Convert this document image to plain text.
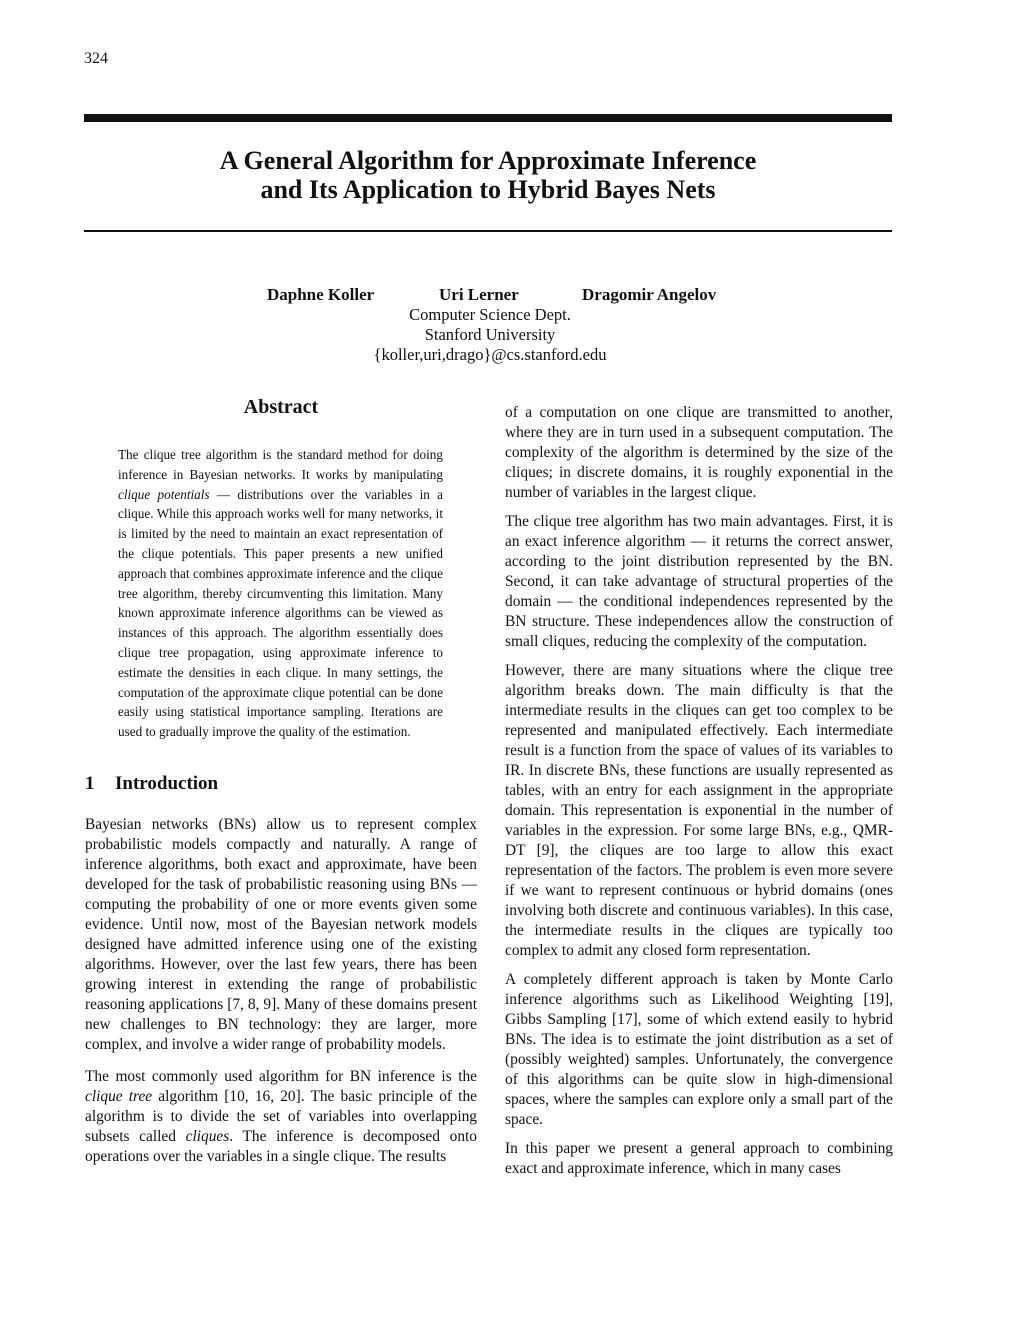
324
A General Algorithm for Approximate Inference
and Its Application to Hybrid Bayes Nets
Daphne Koller	Uri Lerner	Dragomir Angelov
Computer Science Dept.
Stanford University
{koller,uri,drago}@cs.stanford.edu
Abstract

The clique tree algorithm is the standard method for doing inference in Bayesian networks. It works by manipulating clique potentials — distributions over the variables in a clique. While this approach works well for many networks, it is limited by the need to maintain an exact representation of the clique potentials. This paper presents a new unified approach that combines approximate inference and the clique tree algorithm, thereby circumventing this limitation. Many known approximate inference algorithms can be viewed as instances of this approach. The algorithm essentially does clique tree propagation, using approximate inference to estimate the densities in each clique. In many settings, the computation of the approximate clique potential can be done easily using statistical importance sampling. Iterations are used to gradually improve the quality of the estimation.

1	Introduction

Bayesian networks (BNs) allow us to represent complex probabilistic models compactly and naturally. A range of inference algorithms, both exact and approximate, have been developed for the task of probabilistic reasoning using BNs — computing the probability of one or more events given some evidence. Until now, most of the Bayesian network models designed have admitted inference using one of the existing algorithms. However, over the last few years, there has been growing interest in extending the range of probabilistic reasoning applications [7, 8, 9]. Many of these domains present new challenges to BN technology: they are larger, more complex, and involve a wider range of probability models.

The most commonly used algorithm for BN inference is the clique tree algorithm [10, 16, 20]. The basic principle of the algorithm is to divide the set of variables into overlapping subsets called cliques. The inference is decomposed onto operations over the variables in a single clique. The results

of a computation on one clique are transmitted to another, where they are in turn used in a subsequent computation. The complexity of the algorithm is determined by the size of the cliques; in discrete domains, it is roughly exponential in the number of variables in the largest clique.

The clique tree algorithm has two main advantages. First, it is an exact inference algorithm — it returns the correct answer, according to the joint distribution represented by the BN. Second, it can take advantage of structural properties of the domain — the conditional independences represented by the BN structure. These independences allow the construction of small cliques, reducing the complexity of the computation.

However, there are many situations where the clique tree algorithm breaks down. The main difficulty is that the intermediate results in the cliques can get too complex to be represented and manipulated effectively. Each intermediate result is a function from the space of values of its variables to IR. In discrete BNs, these functions are usually represented as tables, with an entry for each assignment in the appropriate domain. This representation is exponential in the number of variables in the expression. For some large BNs, e.g., QMR-DT [9], the cliques are too large to allow this exact representation of the factors. The problem is even more severe if we want to represent continuous or hybrid domains (ones involving both discrete and continuous variables). In this case, the intermediate results in the cliques are typically too complex to admit any closed form representation.

A completely different approach is taken by Monte Carlo inference algorithms such as Likelihood Weighting [19], Gibbs Sampling [17], some of which extend easily to hybrid BNs. The idea is to estimate the joint distribution as a set of (possibly weighted) samples. Unfortunately, the convergence of this algorithms can be quite slow in high-dimensional spaces, where the samples can explore only a small part of the space.

In this paper we present a general approach to combining exact and approximate inference, which in many cases
